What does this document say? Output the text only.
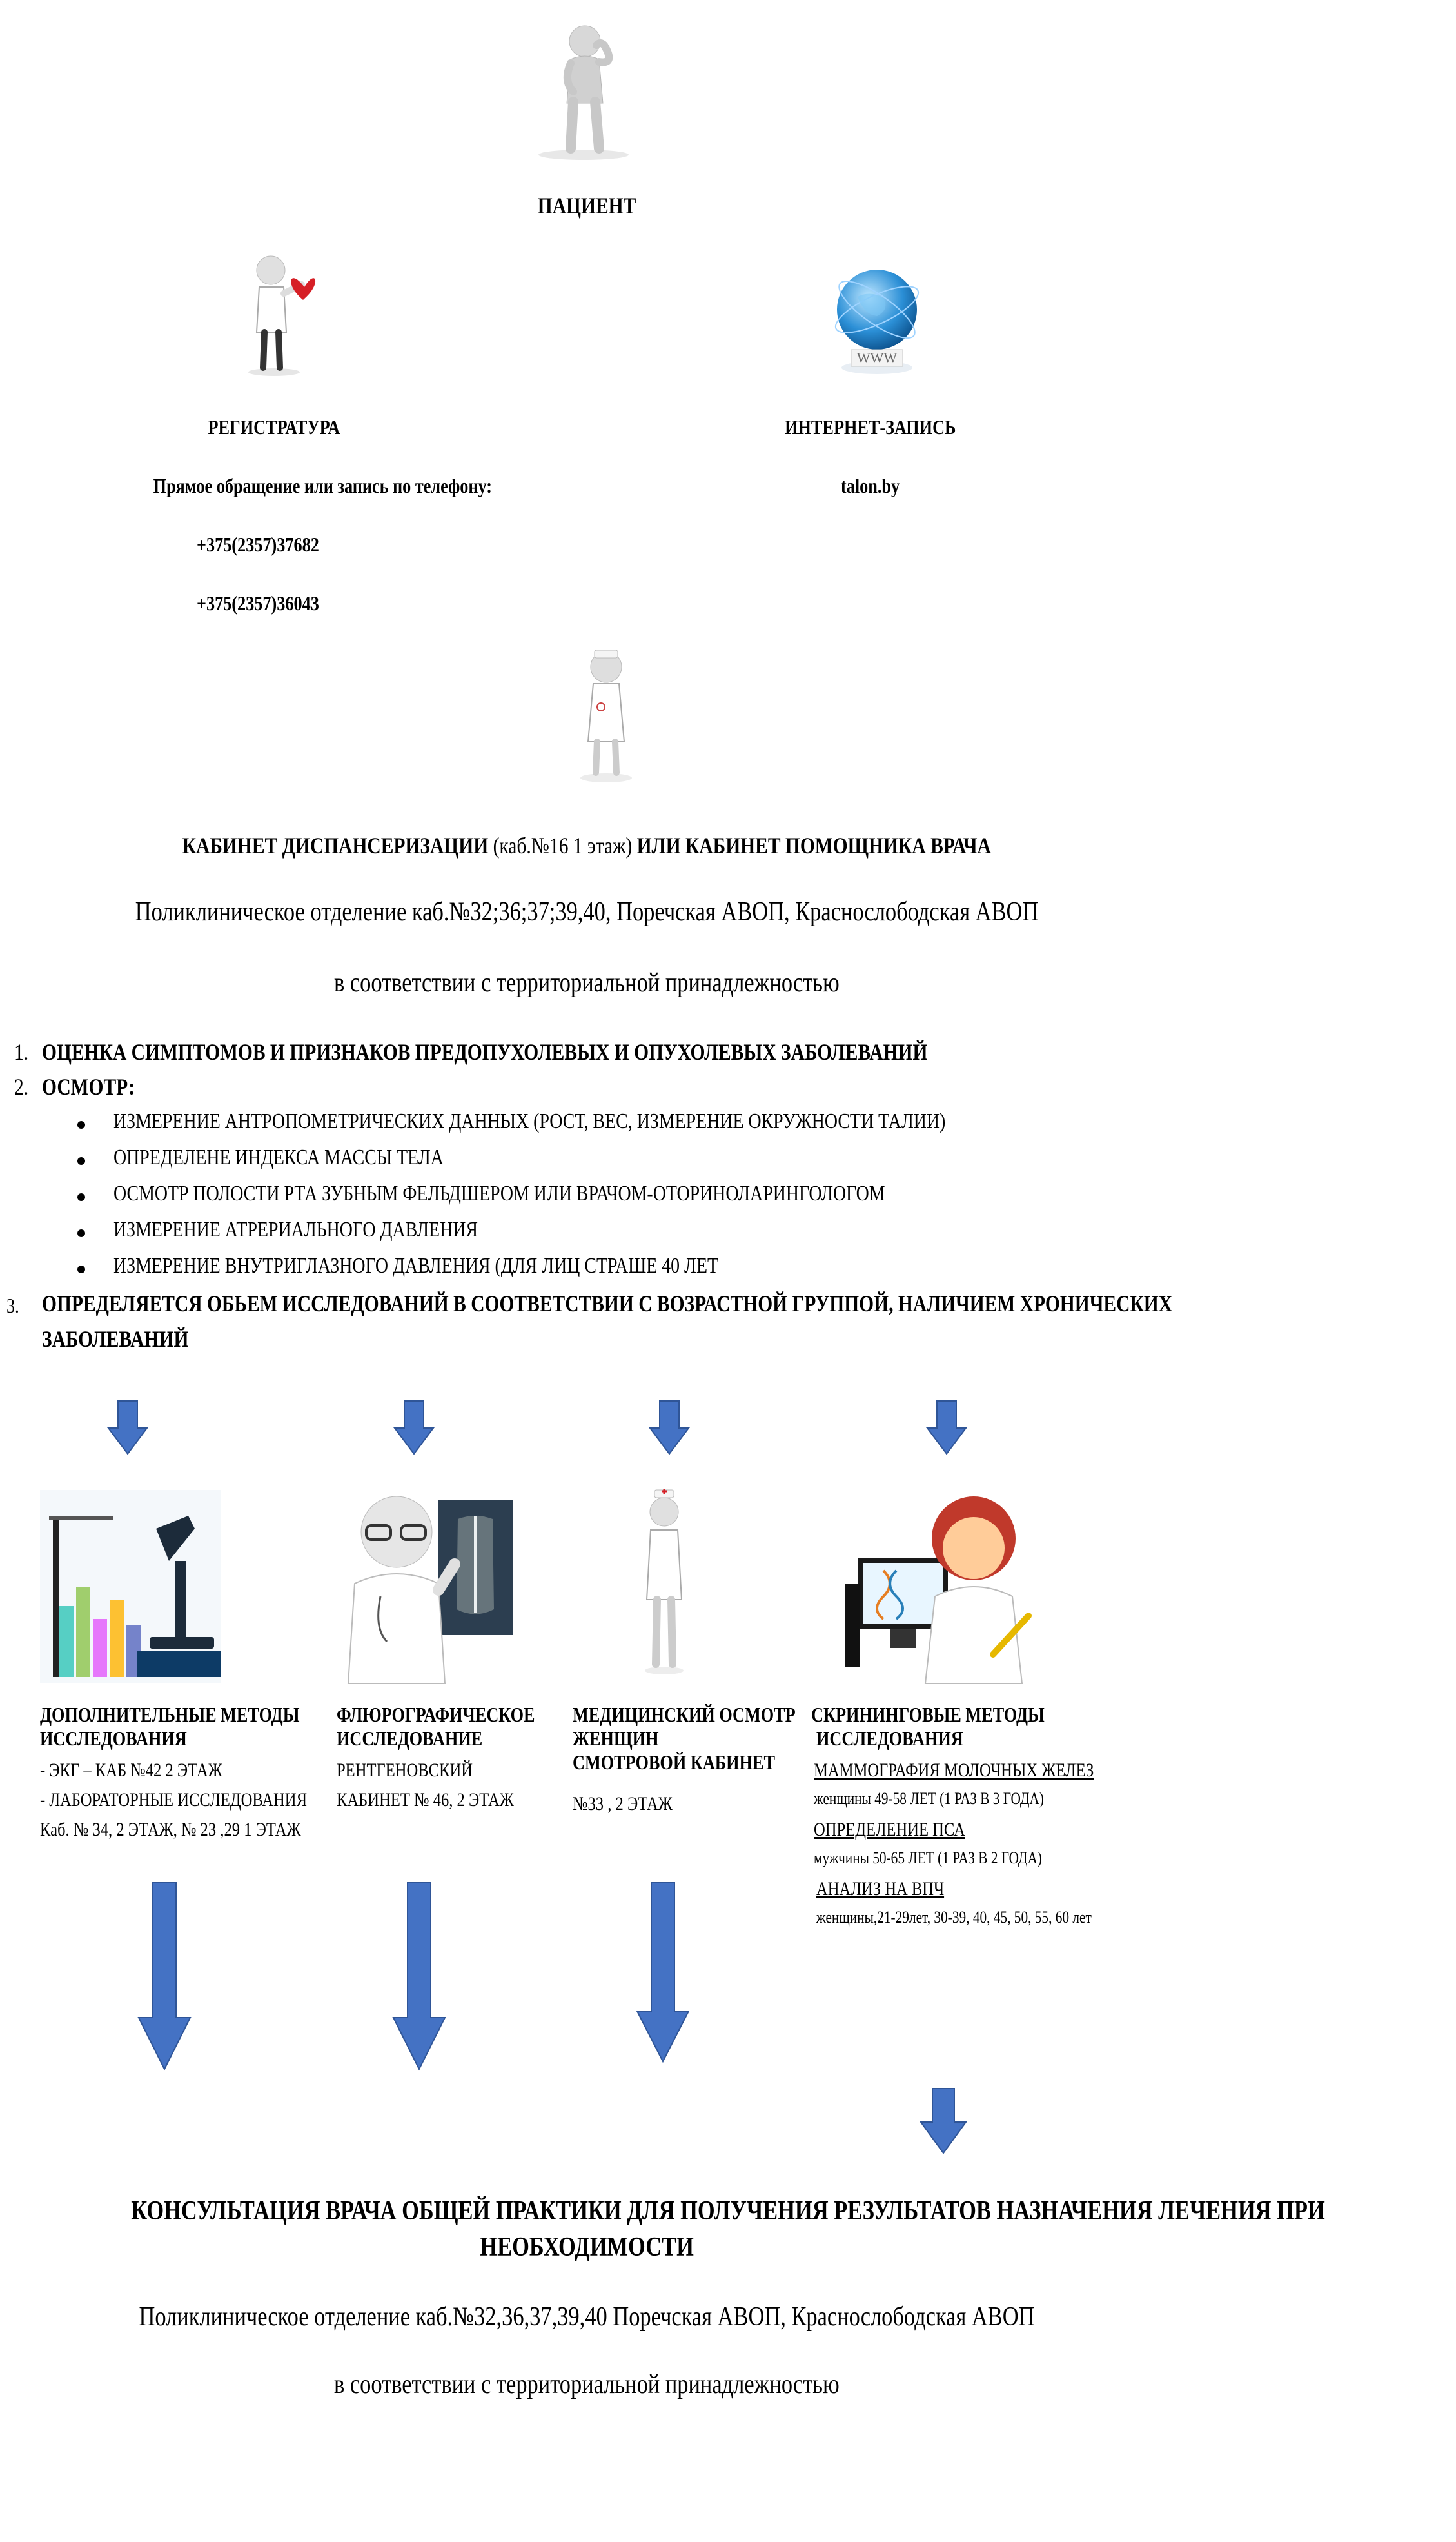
ПАЦИЕНТ
РЕГИСТРАТУРА
Прямое обращение или запись по телефону:
+375(2357)37682
+375(2357)36043
WWW
ИНТЕРНЕТ-ЗАПИСЬ
talon.by
КАБИНЕТ ДИСПАНСЕРИЗАЦИИ (каб.№16 1 этаж) ИЛИ КАБИНЕТ ПОМОЩНИКА ВРАЧА
Поликлиническое отделение каб.№32;36;37;39,40, Поречская АВОП, Краснослободская АВОП
в соответствии с территориальной принадлежностью
1. ОЦЕНКА СИМПТОМОВ И ПРИЗНАКОВ ПРЕДОПУХОЛЕВЫХ И ОПУХОЛЕВЫХ ЗАБОЛЕВАНИЙ
2. ОСМОТР:
ИЗМЕРЕНИЕ АНТРОПОМЕТРИЧЕСКИХ ДАННЫХ (РОСТ, ВЕС, ИЗМЕРЕНИЕ ОКРУЖНОСТИ ТАЛИИ)
ОПРЕДЕЛЕНЕ ИНДЕКСА МАССЫ ТЕЛА
ОСМОТР ПОЛОСТИ РТА ЗУБНЫМ ФЕЛЬДШЕРОМ ИЛИ ВРАЧОМ-ОТОРИНОЛАРИНГОЛОГОМ
ИЗМЕРЕНИЕ АТРЕРИАЛЬНОГО ДАВЛЕНИЯ
ИЗМЕРЕНИЕ ВНУТРИГЛАЗНОГО ДАВЛЕНИЯ (ДЛЯ ЛИЦ СТРАШЕ 40 ЛЕТ
3. ОПРЕДЕЛЯЕТСЯ ОБЬЕМ ИССЛЕДОВАНИЙ В СООТВЕТСТВИИ С ВОЗРАСТНОЙ ГРУППОЙ, НАЛИЧИЕМ ХРОНИЧЕСКИХ
ЗАБОЛЕВАНИЙ
ДОПОЛНИТЕЛЬНЫЕ МЕТОДЫ
ИССЛЕДОВАНИЯ
- ЭКГ – КАБ №42 2 ЭТАЖ
- ЛАБОРАТОРНЫЕ ИССЛЕДОВАНИЯ
Каб. № 34, 2 ЭТАЖ, № 23 ,29 1 ЭТАЖ
ФЛЮРОГРАФИЧЕСКОЕ
ИССЛЕДОВАНИЕ
РЕНТГЕНОВСКИЙ
КАБИНЕТ № 46, 2 ЭТАЖ
МЕДИЦИНСКИЙ ОСМОТР
ЖЕНЩИН
СМОТРОВОЙ КАБИНЕТ
№33 , 2 ЭТАЖ
СКРИНИНГОВЫЕ МЕТОДЫ
ИССЛЕДОВАНИЯ
МАММОГРАФИЯ МОЛОЧНЫХ ЖЕЛЕЗ
женщины 49-58 ЛЕТ (1 РАЗ В 3 ГОДА)
ОПРЕДЕЛЕНИЕ ПСА
мужчины 50-65 ЛЕТ (1 РАЗ В 2 ГОДА)
АНАЛИЗ НА ВПЧ
женщины,21-29лет, 30-39, 40, 45, 50, 55, 60 лет
КОНСУЛЬТАЦИЯ ВРАЧА ОБЩЕЙ ПРАКТИКИ ДЛЯ ПОЛУЧЕНИЯ РЕЗУЛЬТАТОВ НАЗНАЧЕНИЯ ЛЕЧЕНИЯ ПРИ
НЕОБХОДИМОСТИ
Поликлиническое отделение каб.№32,36,37,39,40 Поречская АВОП, Краснослободская АВОП
в соответствии с территориальной принадлежностью
